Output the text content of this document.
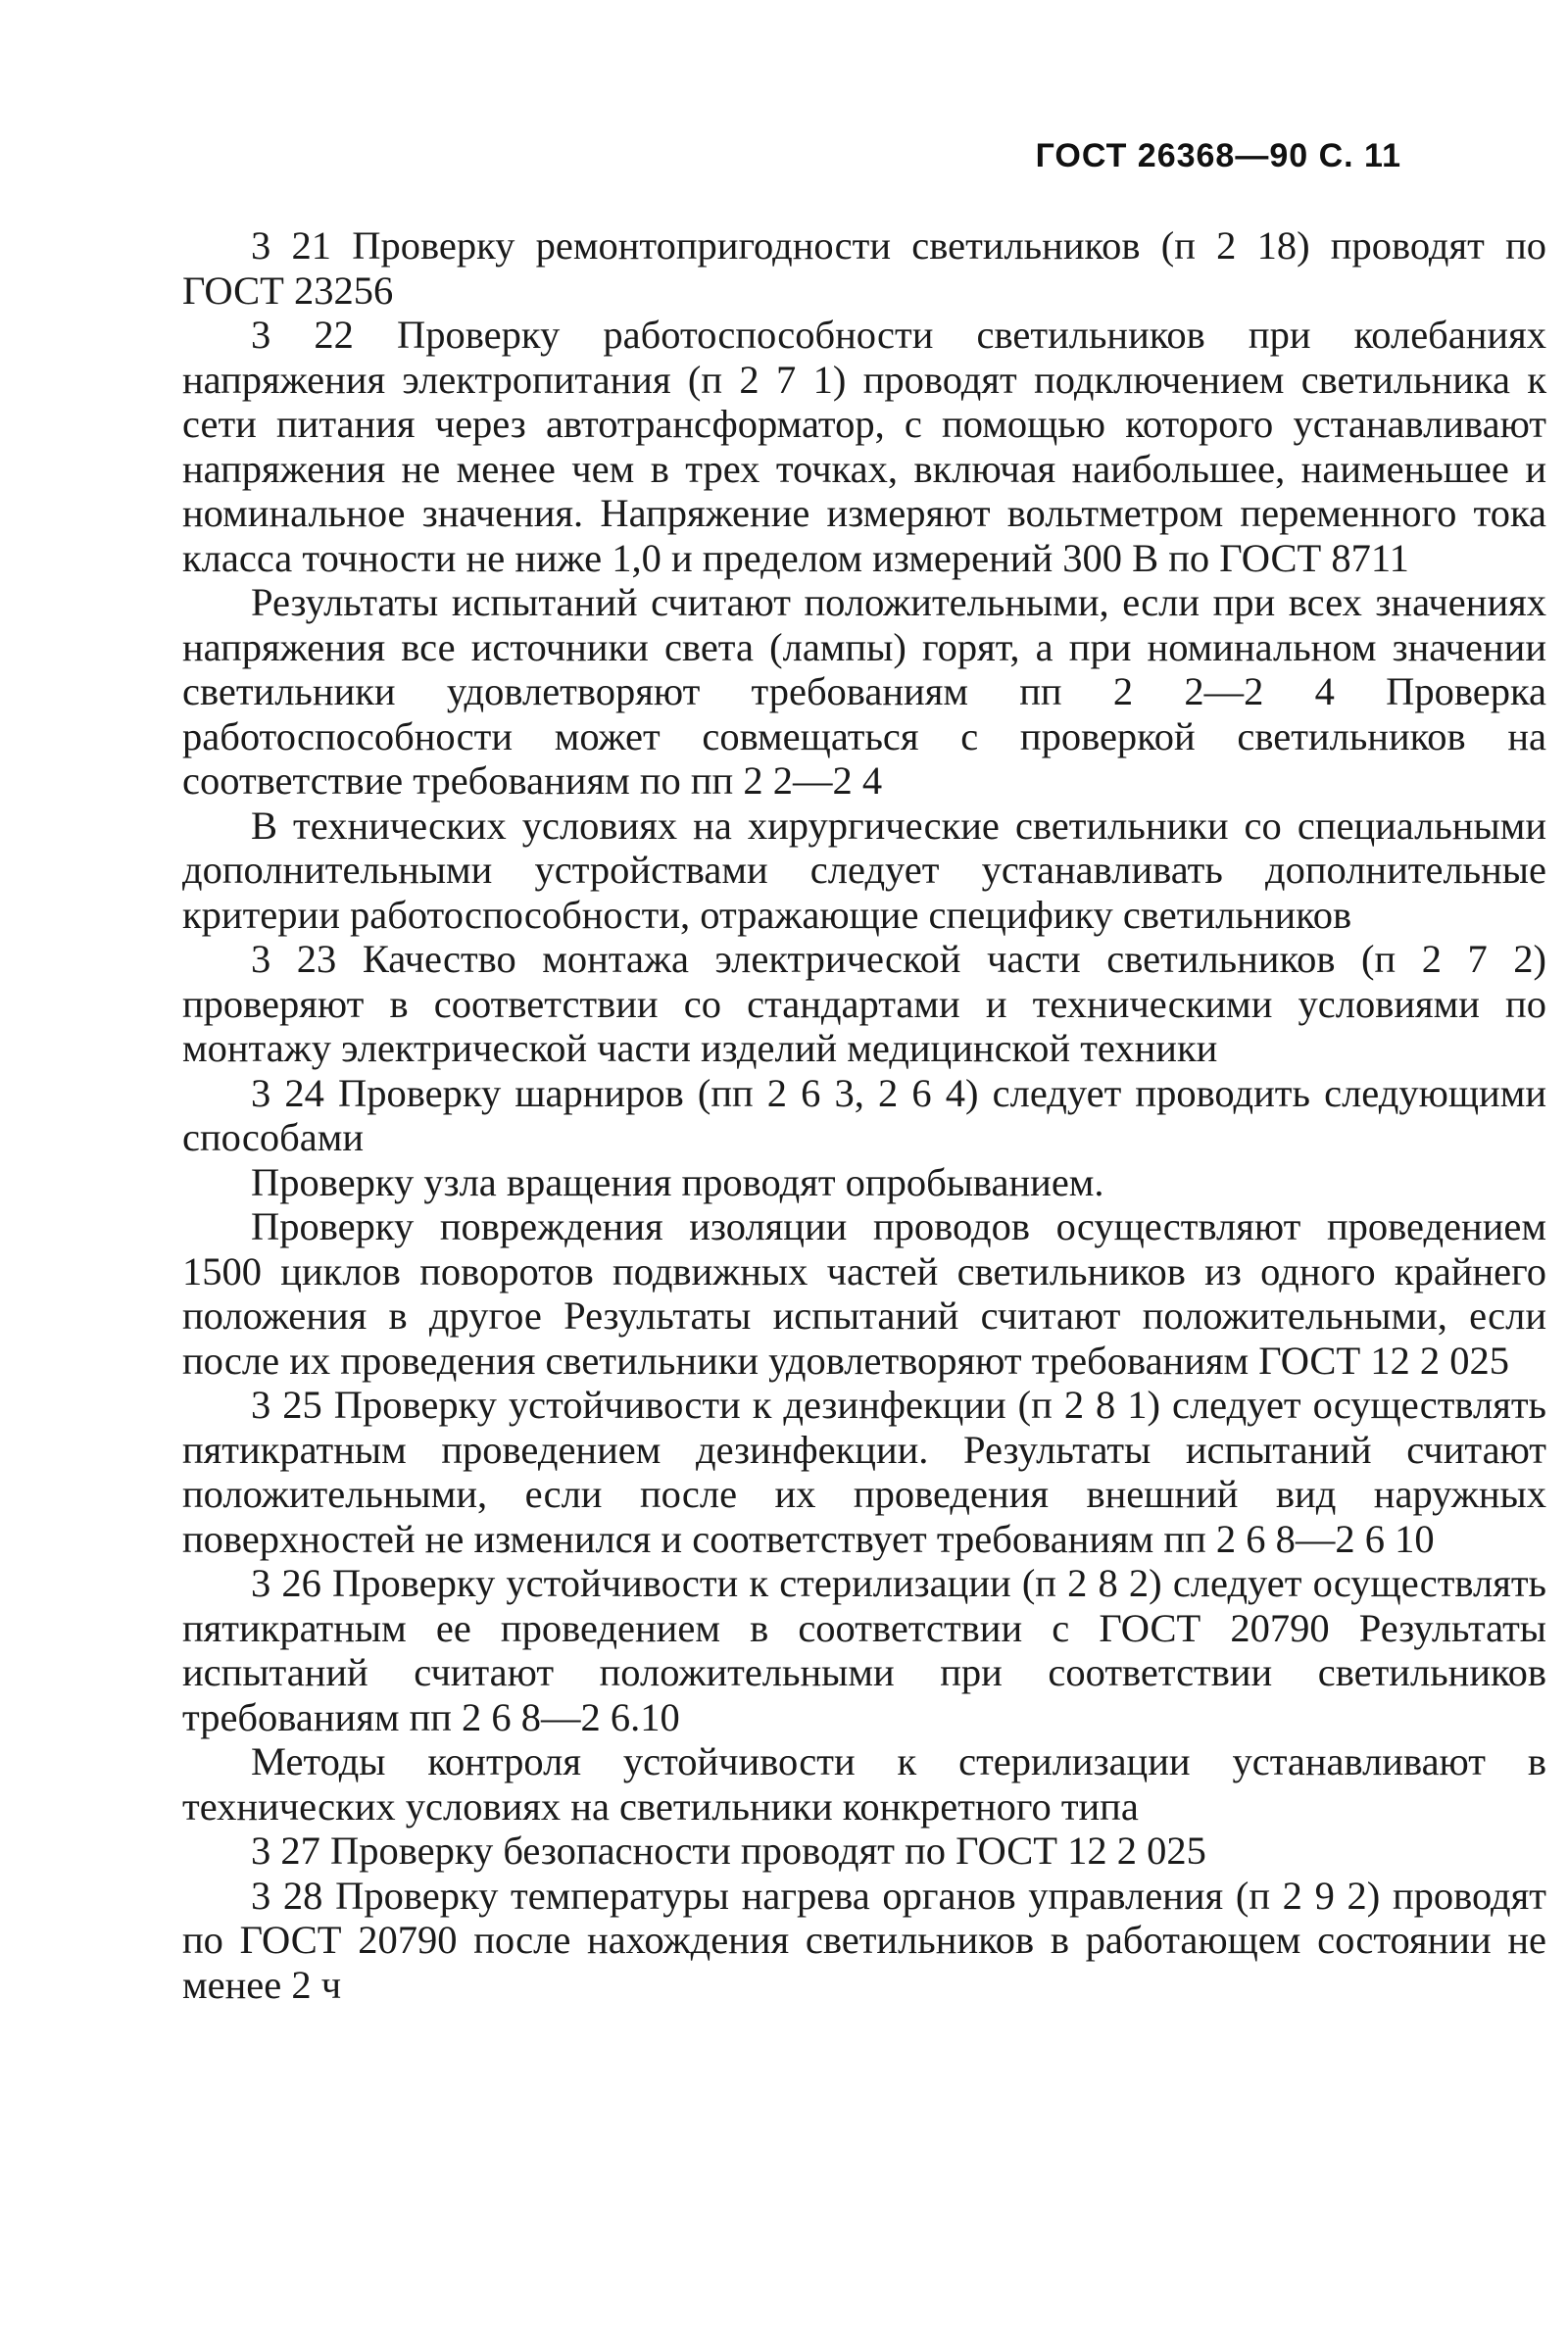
ГОСТ 26368—90 С. 11

3 21 Проверку ремонтопригодности светильников (п 2 18) проводят по ГОСТ 23256

3 22 Проверку работоспособности светильников при колебаниях напряжения электропитания (п 2 7 1) проводят подключением светильника к сети питания через автотрансформатор, с помощью которого устанавливают напряжения не менее чем в трех точках, включая наибольшее, наименьшее и номинальное значения. Напряжение измеряют вольтметром переменного тока класса точности не ниже 1,0 и пределом измерений 300 В по ГОСТ 8711

Результаты испытаний считают положительными, если при всех значениях напряжения все источники света (лампы) горят, а при номинальном значении светильники удовлетворяют требованиям пп 2 2—2 4 Проверка работоспособности может совмещаться с проверкой светильников на соответствие требованиям по пп 2 2—2 4

В технических условиях на хирургические светильники со специальными дополнительными устройствами следует устанавливать дополнительные критерии работоспособности, отражающие специфику светильников

3 23 Качество монтажа электрической части светильников (п 2 7 2) проверяют в соответствии со стандартами и техническими условиями по монтажу электрической части изделий медицинской техники

3 24 Проверку шарниров (пп 2 6 3, 2 6 4) следует проводить следующими способами

Проверку узла вращения проводят опробыванием.

Проверку повреждения изоляции проводов осуществляют проведением 1500 циклов поворотов подвижных частей светильников из одного крайнего положения в другое Результаты испытаний считают положительными, если после их проведения светильники удовлетворяют требованиям ГОСТ 12 2 025

3 25 Проверку устойчивости к дезинфекции (п 2 8 1) следует осуществлять пятикратным проведением дезинфекции. Результаты испытаний считают положительными, если после их проведения внешний вид наружных поверхностей не изменился и соответствует требованиям пп 2 6 8—2 6 10

3 26 Проверку устойчивости к стерилизации (п 2 8 2) следует осуществлять пятикратным ее проведением в соответствии с ГОСТ 20790 Результаты испытаний считают положительными при соответствии светильников требованиям пп 2 6 8—2 6.10

Методы контроля устойчивости к стерилизации устанавливают в технических условиях на светильники конкретного типа

3 27 Проверку безопасности проводят по ГОСТ 12 2 025

3 28 Проверку температуры нагрева органов управления (п 2 9 2) проводят по ГОСТ 20790 после нахождения светильников в работающем состоянии не менее 2 ч
